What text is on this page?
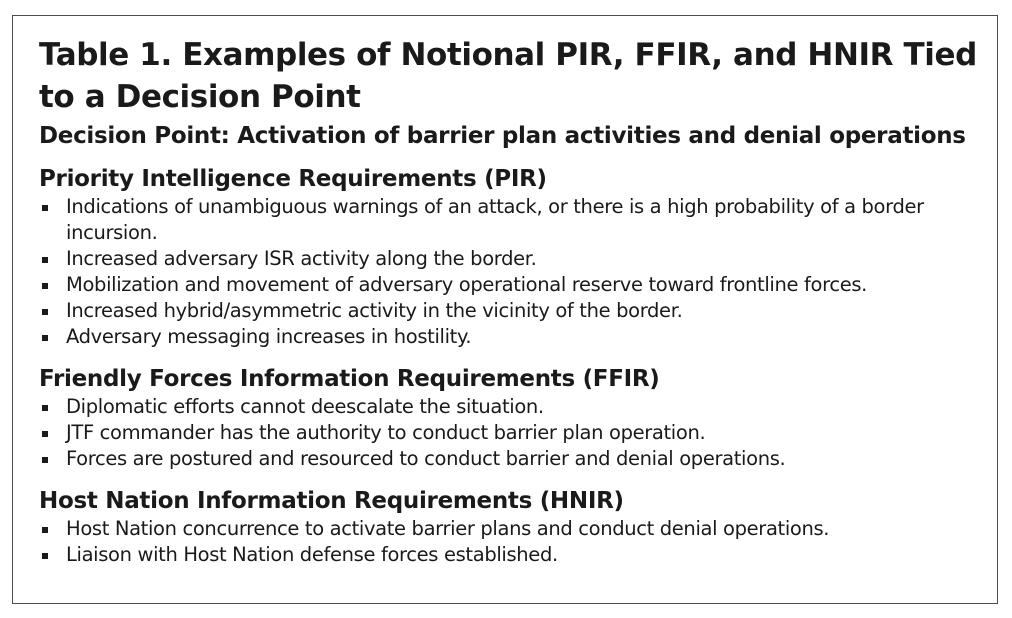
Table 1. Examples of Notional PIR, FFIR, and HNIR Tied to a Decision Point
Decision Point: Activation of barrier plan activities and denial operations
Priority Intelligence Requirements (PIR)
Indications of unambiguous warnings of an attack, or there is a high probability of a border incursion.
Increased adversary ISR activity along the border.
Mobilization and movement of adversary operational reserve toward frontline forces.
Increased hybrid/asymmetric activity in the vicinity of the border.
Adversary messaging increases in hostility.
Friendly Forces Information Requirements (FFIR)
Diplomatic efforts cannot deescalate the situation.
JTF commander has the authority to conduct barrier plan operation.
Forces are postured and resourced to conduct barrier and denial operations.
Host Nation Information Requirements (HNIR)
Host Nation concurrence to activate barrier plans and conduct denial operations.
Liaison with Host Nation defense forces established.
